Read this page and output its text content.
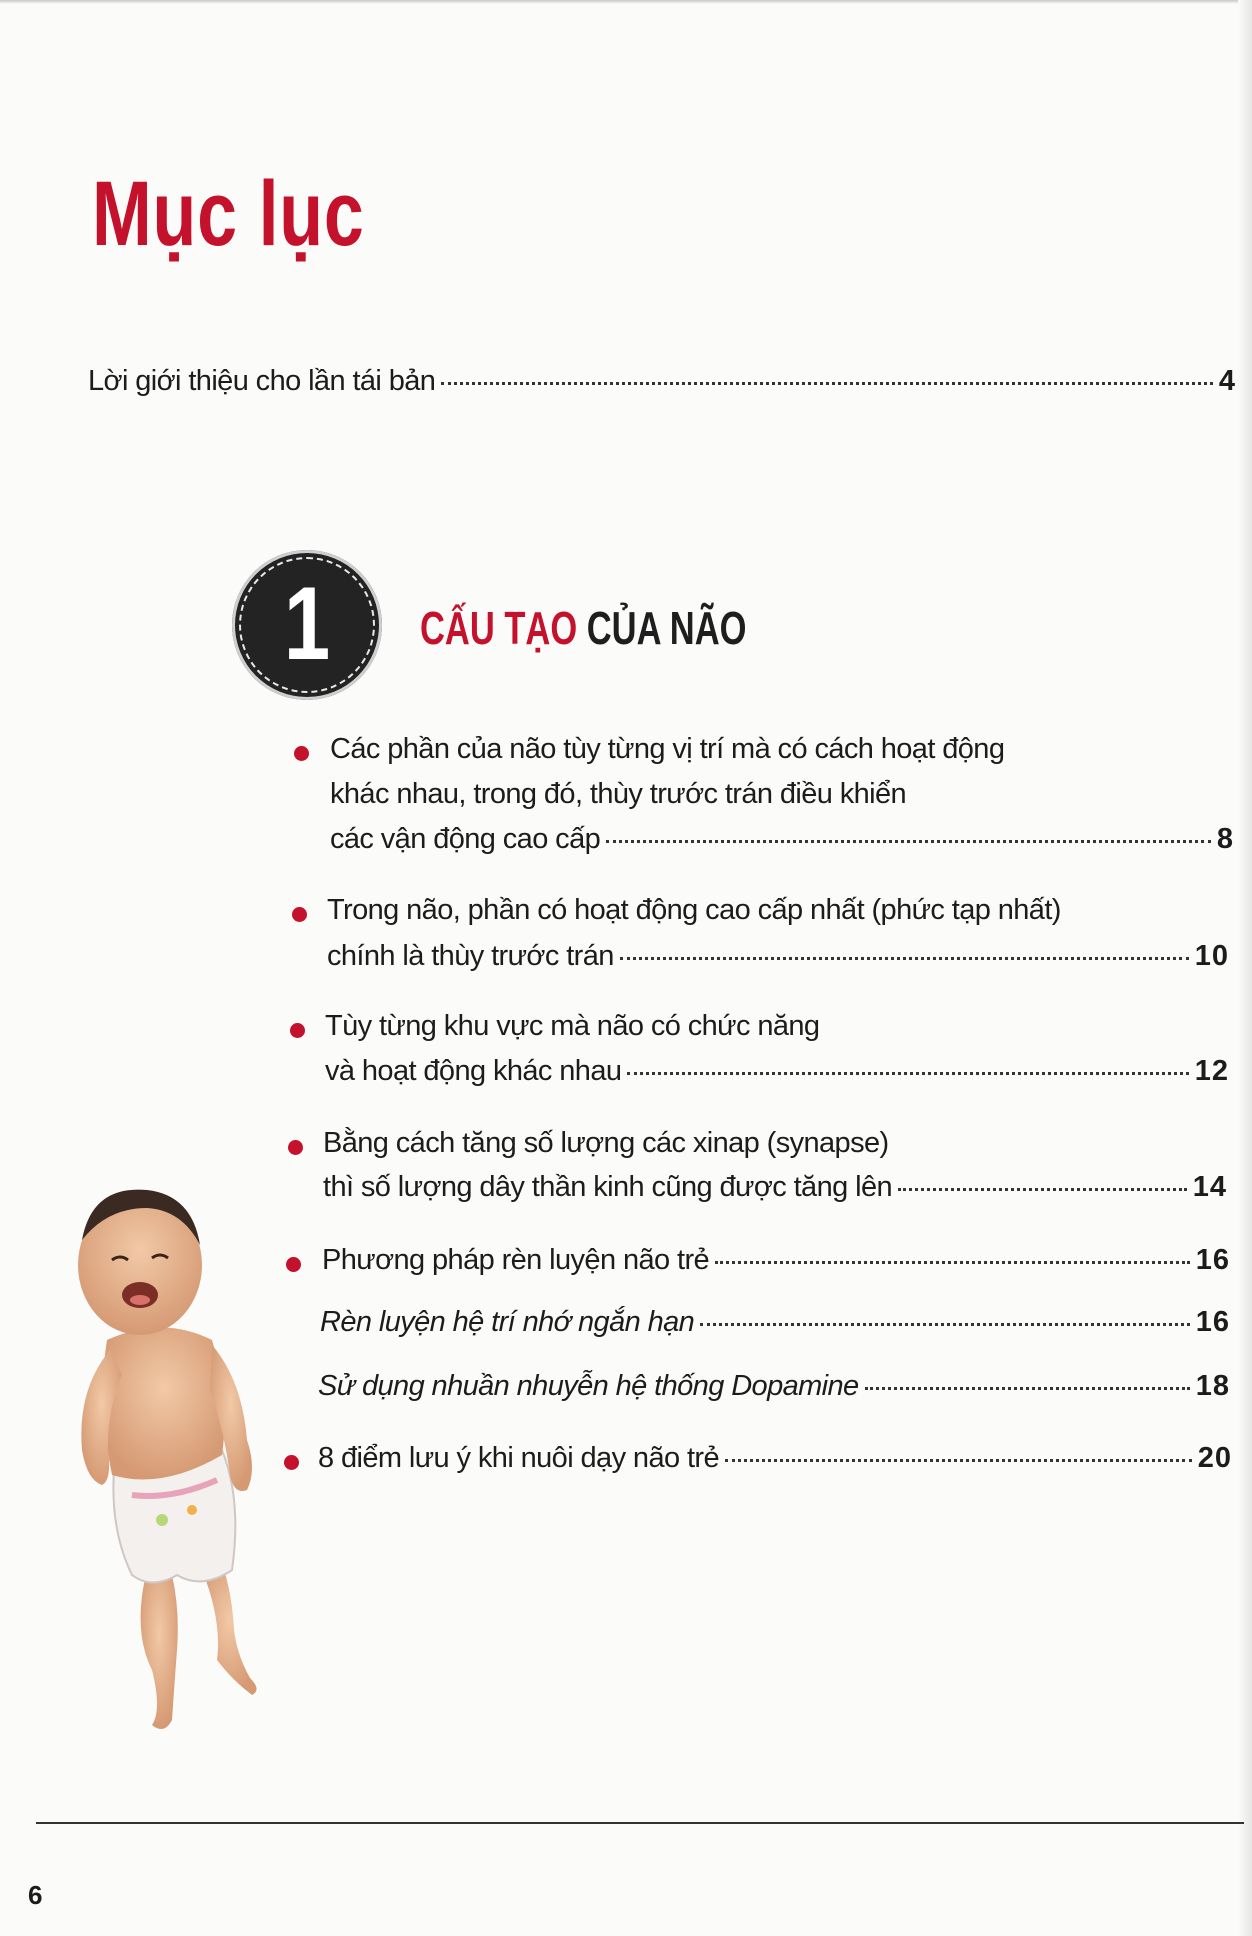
Mục lục
Lời giới thiệu cho lần tái bản	4
1	CẤU TẠO CỦA NÃO
Các phần của não tùy từng vị trí mà có cách hoạt động
khác nhau, trong đó, thùy trước trán điều khiển
các vận động cao cấp	8
Trong não, phần có hoạt động cao cấp nhất (phức tạp nhất)
chính là thùy trước trán	10
Tùy từng khu vực mà não có chức năng
và hoạt động khác nhau	12
Bằng cách tăng số lượng các xinap (synapse)
thì số lượng dây thần kinh cũng được tăng lên	14
Phương pháp rèn luyện não trẻ	16
Rèn luyện hệ trí nhớ ngắn hạn	16
Sử dụng nhuần nhuyễn hệ thống Dopamine	18
8 điểm lưu ý khi nuôi dạy não trẻ	20
6
